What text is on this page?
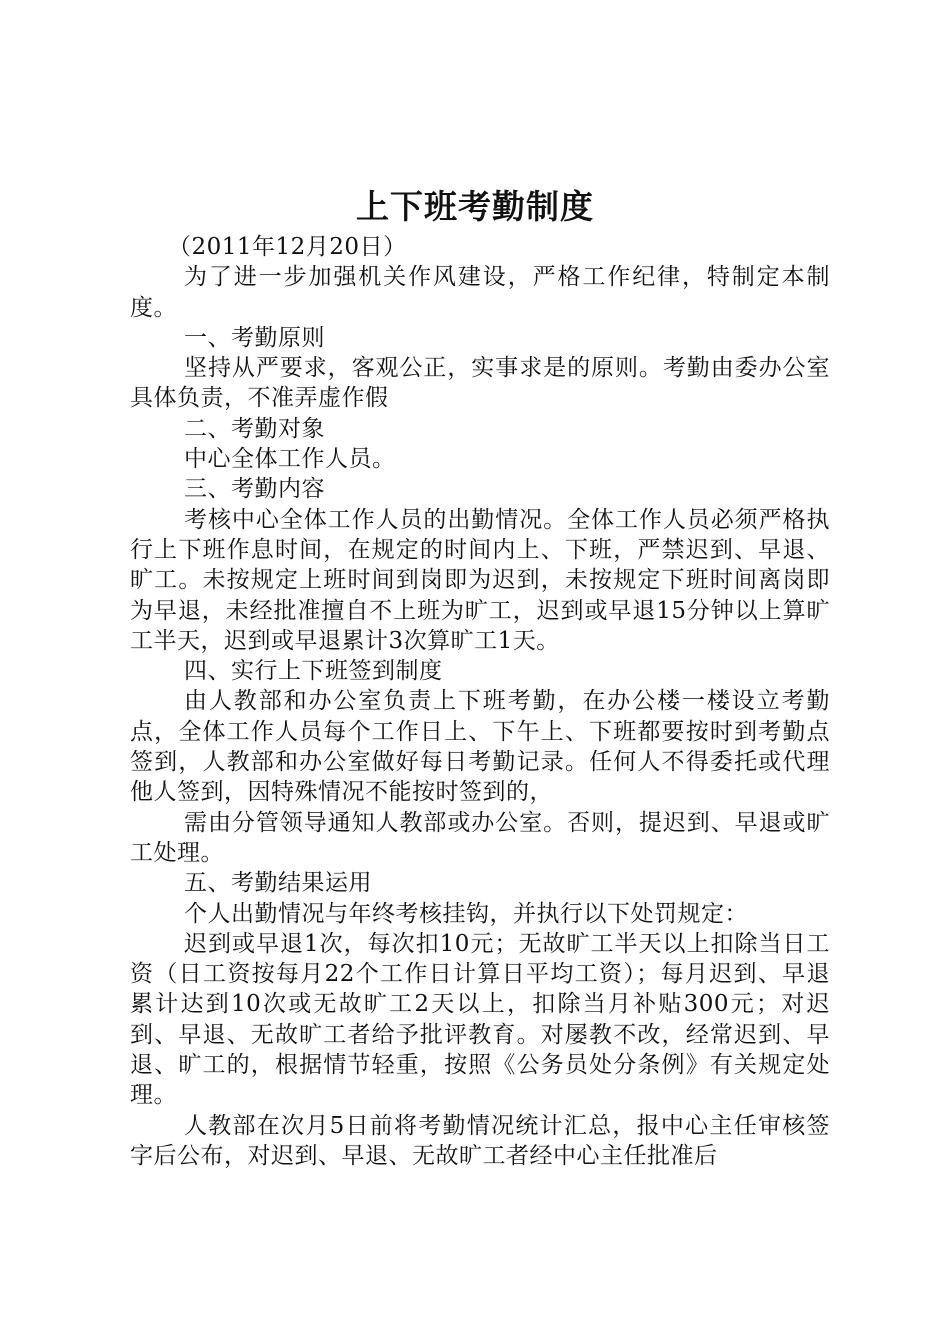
上下班考勤制度

（2011年12月20日）

为了进一步加强机关作风建设，严格工作纪律，特制定本制度。

一、考勤原则

坚持从严要求，客观公正，实事求是的原则。考勤由委办公室具体负责，不准弄虚作假

二、考勤对象

中心全体工作人员。

三、考勤内容

考核中心全体工作人员的出勤情况。全体工作人员必须严格执行上下班作息时间，在规定的时间内上、下班，严禁迟到、早退、旷工。未按规定上班时间到岗即为迟到，未按规定下班时间离岗即为早退，未经批准擅自不上班为旷工，迟到或早退15分钟以上算旷工半天，迟到或早退累计3次算旷工1天。

四、实行上下班签到制度

由人教部和办公室负责上下班考勤，在办公楼一楼设立考勤点，全体工作人员每个工作日上、下午上、下班都要按时到考勤点签到，人教部和办公室做好每日考勤记录。任何人不得委托或代理他人签到，因特殊情况不能按时签到的，

需由分管领导通知人教部或办公室。否则，提迟到、早退或旷工处理。

五、考勤结果运用

个人出勤情况与年终考核挂钩，并执行以下处罚规定：

迟到或早退1次，每次扣10元；无故旷工半天以上扣除当日工资（日工资按每月22个工作日计算日平均工资）；每月迟到、早退累计达到10次或无故旷工2天以上，扣除当月补贴300元；对迟到、早退、无故旷工者给予批评教育。对屡教不改，经常迟到、早退、旷工的，根据情节轻重，按照《公务员处分条例》有关规定处理。

人教部在次月5日前将考勤情况统计汇总，报中心主任审核签字后公布，对迟到、早退、无故旷工者经中心主任批准后
